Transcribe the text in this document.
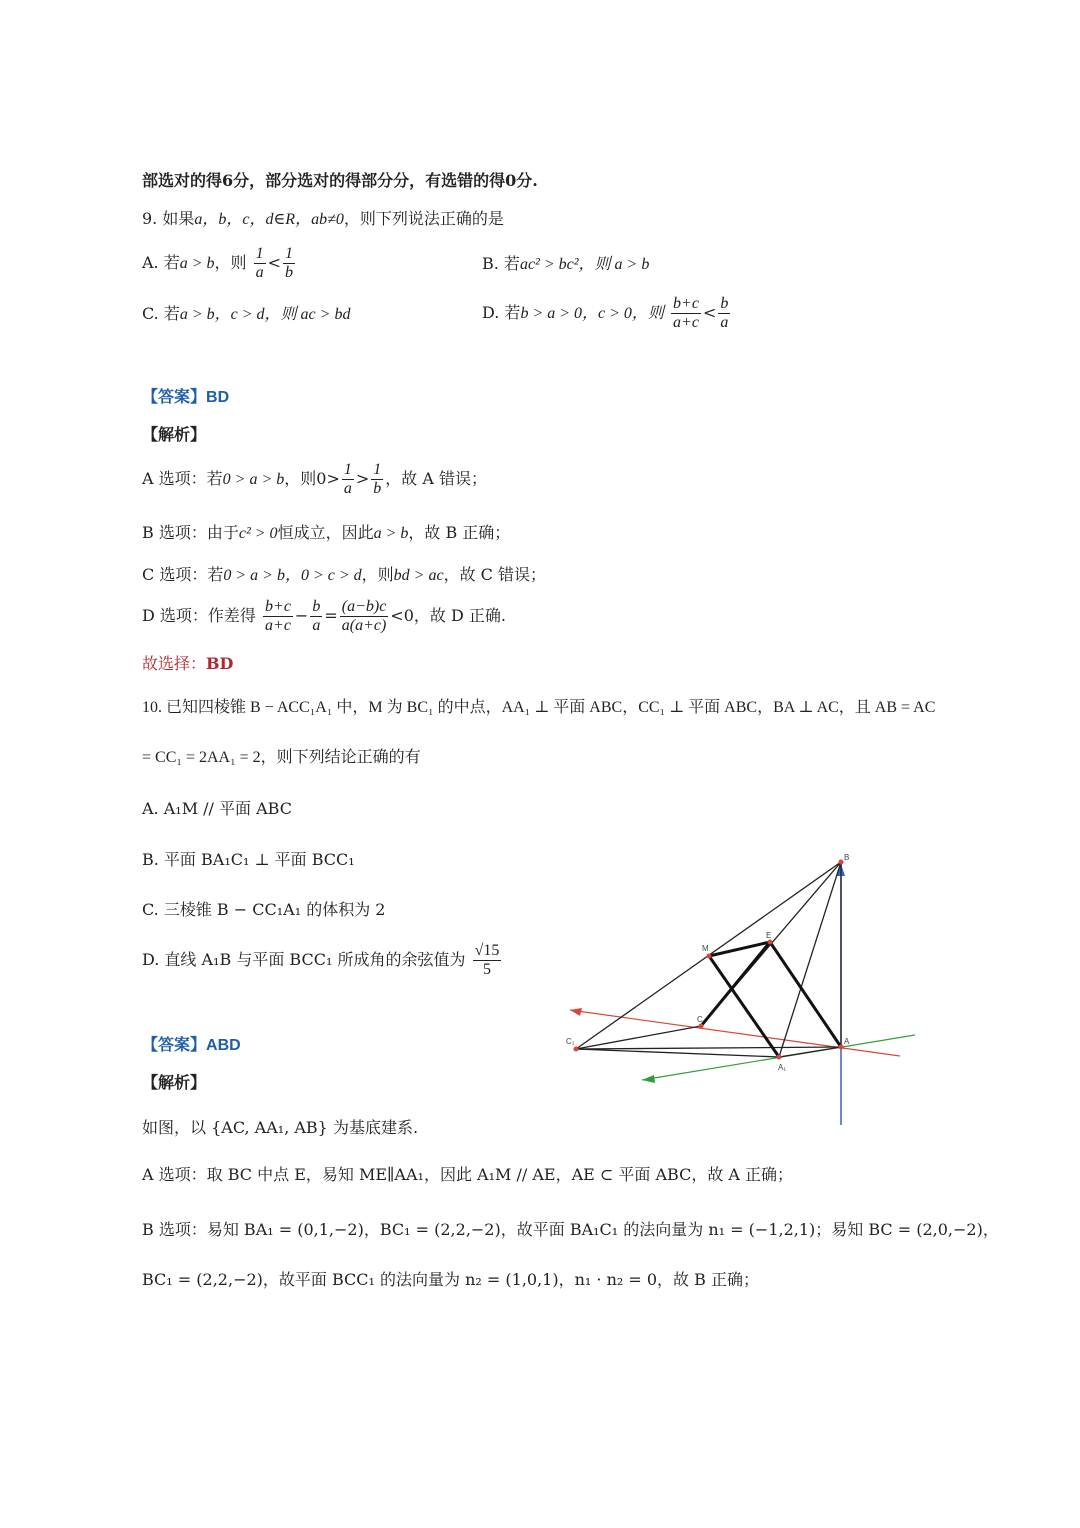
部选对的得6分，部分选对的得部分分，有选错的得0分.
9. 如果a，b，c，d∈R，ab≠0，则下列说法正确的是
A. 若a > b，则 $\frac{1}{a} < \frac{1}{b}$	B. 若ac² > bc²，则 a > b
C. 若a > b，c > d，则 ac > bd	D. 若b > a > 0，c > 0，则 $\frac{b+c}{a+c} < \frac{b}{a}$
【答案】BD
【解析】
A 选项：若0 > a > b，则$0> \frac{1}{a} > \frac{1}{b}$ ，故 A 错误；
B 选项：由于c² > 0恒成立，因此a > b，故 B 正确；
C 选项：若0 > a > b，0 > c > d，则bd > ac，故 C 错误；
D 选项：作差得 $\frac{b+c}{a+c} - \frac{b}{a} = \frac{(a-b)c}{a(a+c)} <0$，故 D 正确.
故选择：BD
10. 已知四棱锥 B − ACC₁A₁ 中，M 为 BC₁ 的中点，AA₁ ⊥ 平面 ABC，CC₁ ⊥ 平面 ABC，BA ⊥ AC，且 AB = AC
= CC₁ = 2AA₁ = 2，则下列结论正确的有
A. A₁M // 平面 ABC
B. 平面 BA₁C₁ ⊥ 平面 BCC₁
C. 三棱锥 B − CC₁A₁ 的体积为 2
D. 直线 A₁B 与平面 BCC₁ 所成角的余弦值为 $\frac{√15}{5}$
【答案】ABD
【解析】
如图，以 {AC, AA₁, AB} 为基底建系.
A 选项：取 BC 中点 E，易知 ME∥AA₁，因此 A₁M // AE，AE ⊂ 平面 ABC，故 A 正确；
B 选项：易知 BA₁ = (0,1,−2)，BC₁ = (2,2,−2)，故平面 BA₁C₁ 的法向量为 n₁ = (−1,2,1)；易知 BC = (2,0,−2)，
BC₁ = (2,2,−2)，故平面 BCC₁ 的法向量为 n₂ = (1,0,1)，n₁ · n₂ = 0，故 B 正确；
B
M
E
C
C₁	A
A₁
